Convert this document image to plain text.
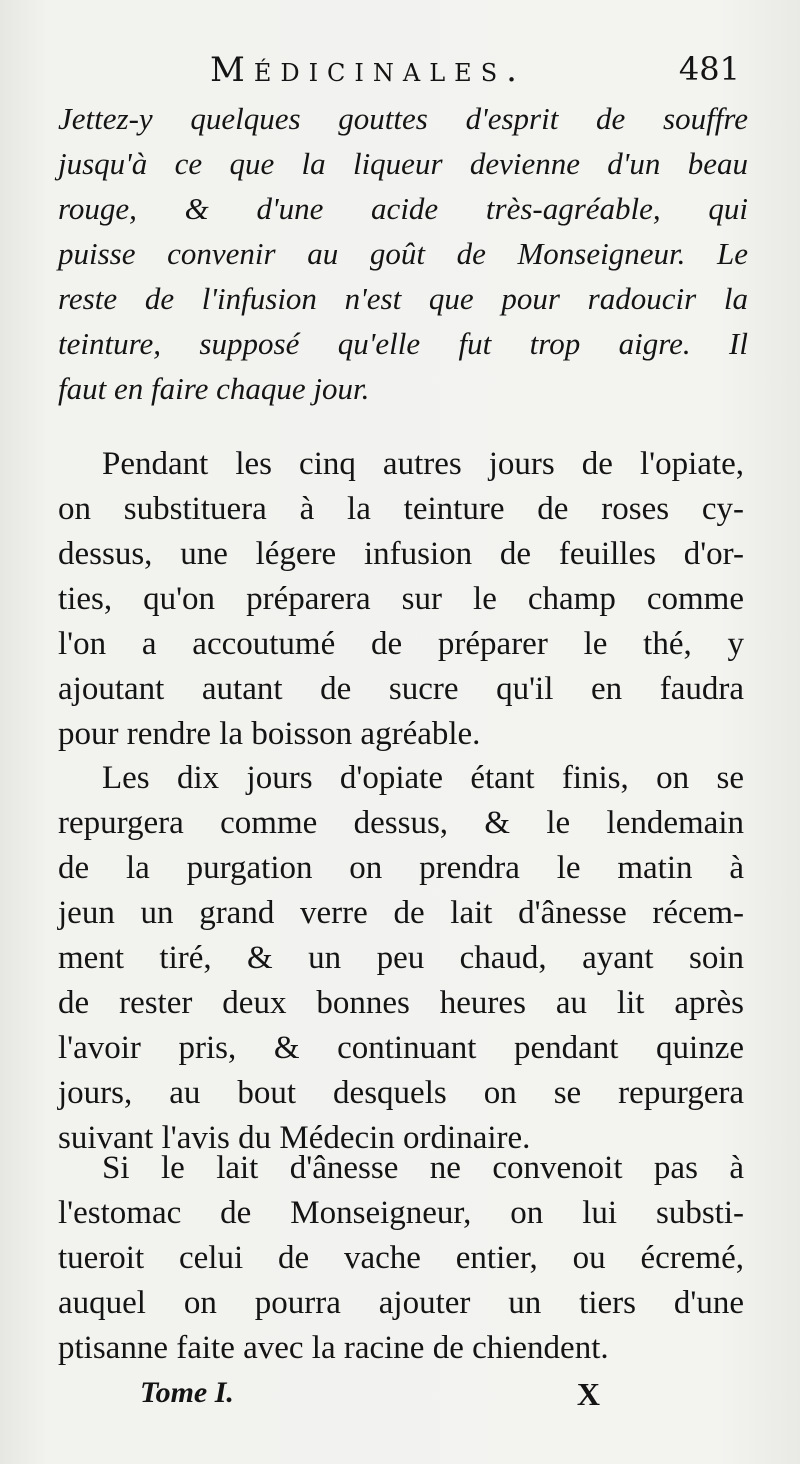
Médicinales.	481
Jettez-y quelques gouttes d'esprit de souffre
jusqu'à ce que la liqueur devienne d'un beau
rouge, & d'une acide très-agréable, qui
puisse convenir au goût de Monseigneur. Le
reste de l'infusion n'est que pour radoucir la
teinture, supposé qu'elle fut trop aigre. Il
faut en faire chaque jour.
Pendant les cinq autres jours de l'opiate,
on substituera à la teinture de roses cy-
dessus, une légere infusion de feuilles d'or-
ties, qu'on préparera sur le champ comme
l'on a accoutumé de préparer le thé, y
ajoutant autant de sucre qu'il en faudra
pour rendre la boisson agréable.
Les dix jours d'opiate étant finis, on se
repurgera comme dessus, & le lendemain
de la purgation on prendra le matin à
jeun un grand verre de lait d'ânesse récem-
ment tiré, & un peu chaud, ayant soin
de rester deux bonnes heures au lit après
l'avoir pris, & continuant pendant quinze
jours, au bout desquels on se repurgera
suivant l'avis du Médecin ordinaire.
Si le lait d'ânesse ne convenoit pas à
l'estomac de Monseigneur, on lui substi-
tueroit celui de vache entier, ou écremé,
auquel on pourra ajouter un tiers d'une
ptisanne faite avec la racine de chiendent.
Tome I.	X
